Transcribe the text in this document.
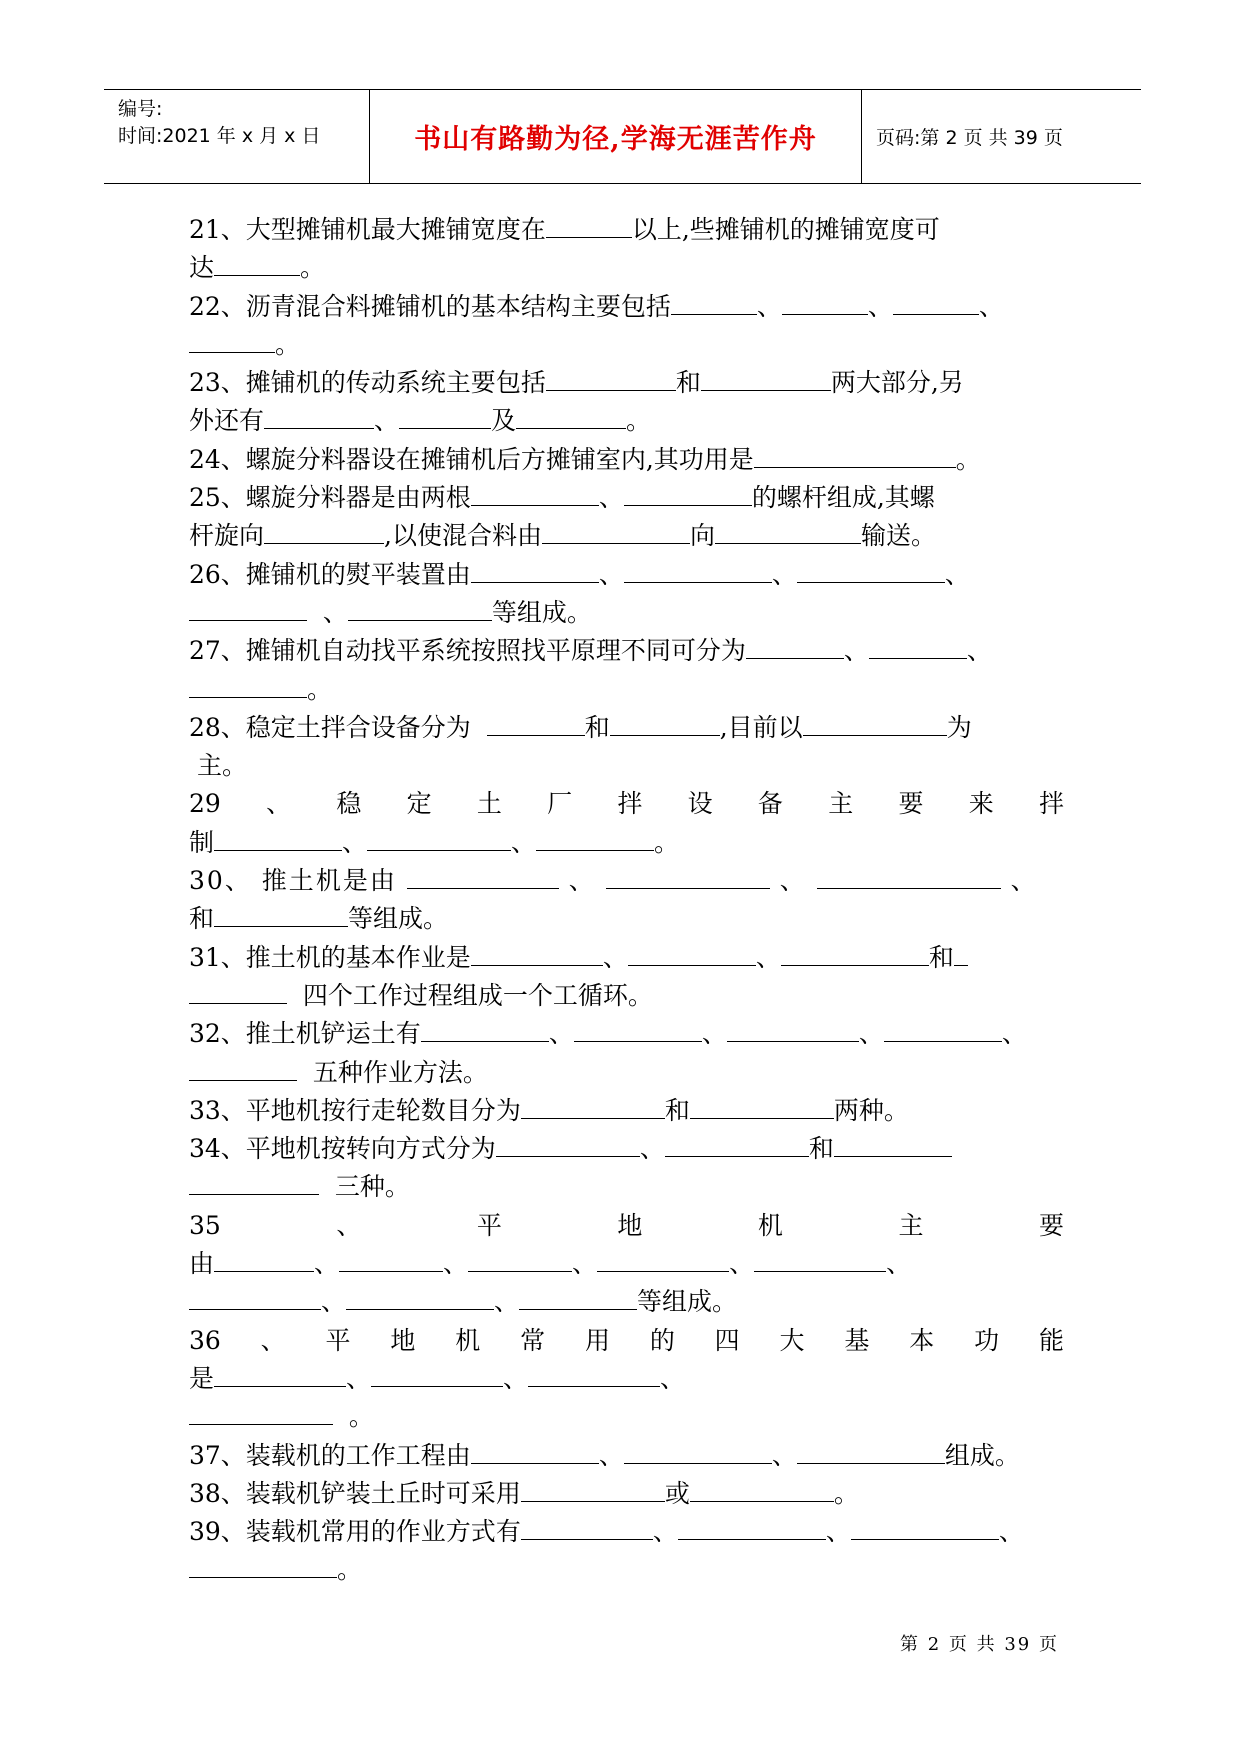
编号:
时间:2021 年 x 月 x 日	书山有路勤为径,学海无涯苦作舟	页码:第 2 页 共 39 页
21、大型摊铺机最大摊铺宽度在	以上,些摊铺机的摊铺宽度可
达	。
22、沥青混合料摊铺机的基本结构主要包括	、	、	、
。
23、摊铺机的传动系统主要包括	和	两大部分,另
外还有	、	及	。
24、螺旋分料器设在摊铺机后方摊铺室内,其功用是	。
25、螺旋分料器是由两根	、	的螺杆组成,其螺
杆旋向	,以使混合料由	向	输送。
26、摊铺机的熨平装置由	、	、	、
、	等组成。
27、摊铺机自动找平系统按照找平原理不同可分为	、	、
。
28、稳定土拌合设备分为	和	,目前以	为
主。
29 、 稳 定 土 厂 拌 设 备 主 要 来 拌
制	、	、	。
30、 推土机是由	、	、	、
和	等组成。
31、推土机的基本作业是	、	、	和
四个工作过程组成一个工循环。
32、推土机铲运土有	、	、	、	、
五种作业方法。
33、平地机按行走轮数目分为	和	两种。
34、平地机按转向方式分为	、	和
三种。
35	、	平	地	机	主	要
由	、	、	、	、	、
、	、	等组成。
36 、 平 地 机 常 用 的 四 大 基 本 功 能
是	、	、	、
。
37、装载机的工作工程由	、	、	组成。
38、装载机铲装土丘时可采用	或	。
39、装载机常用的作业方式有	、	、	、
。
第 2 页 共 39 页
